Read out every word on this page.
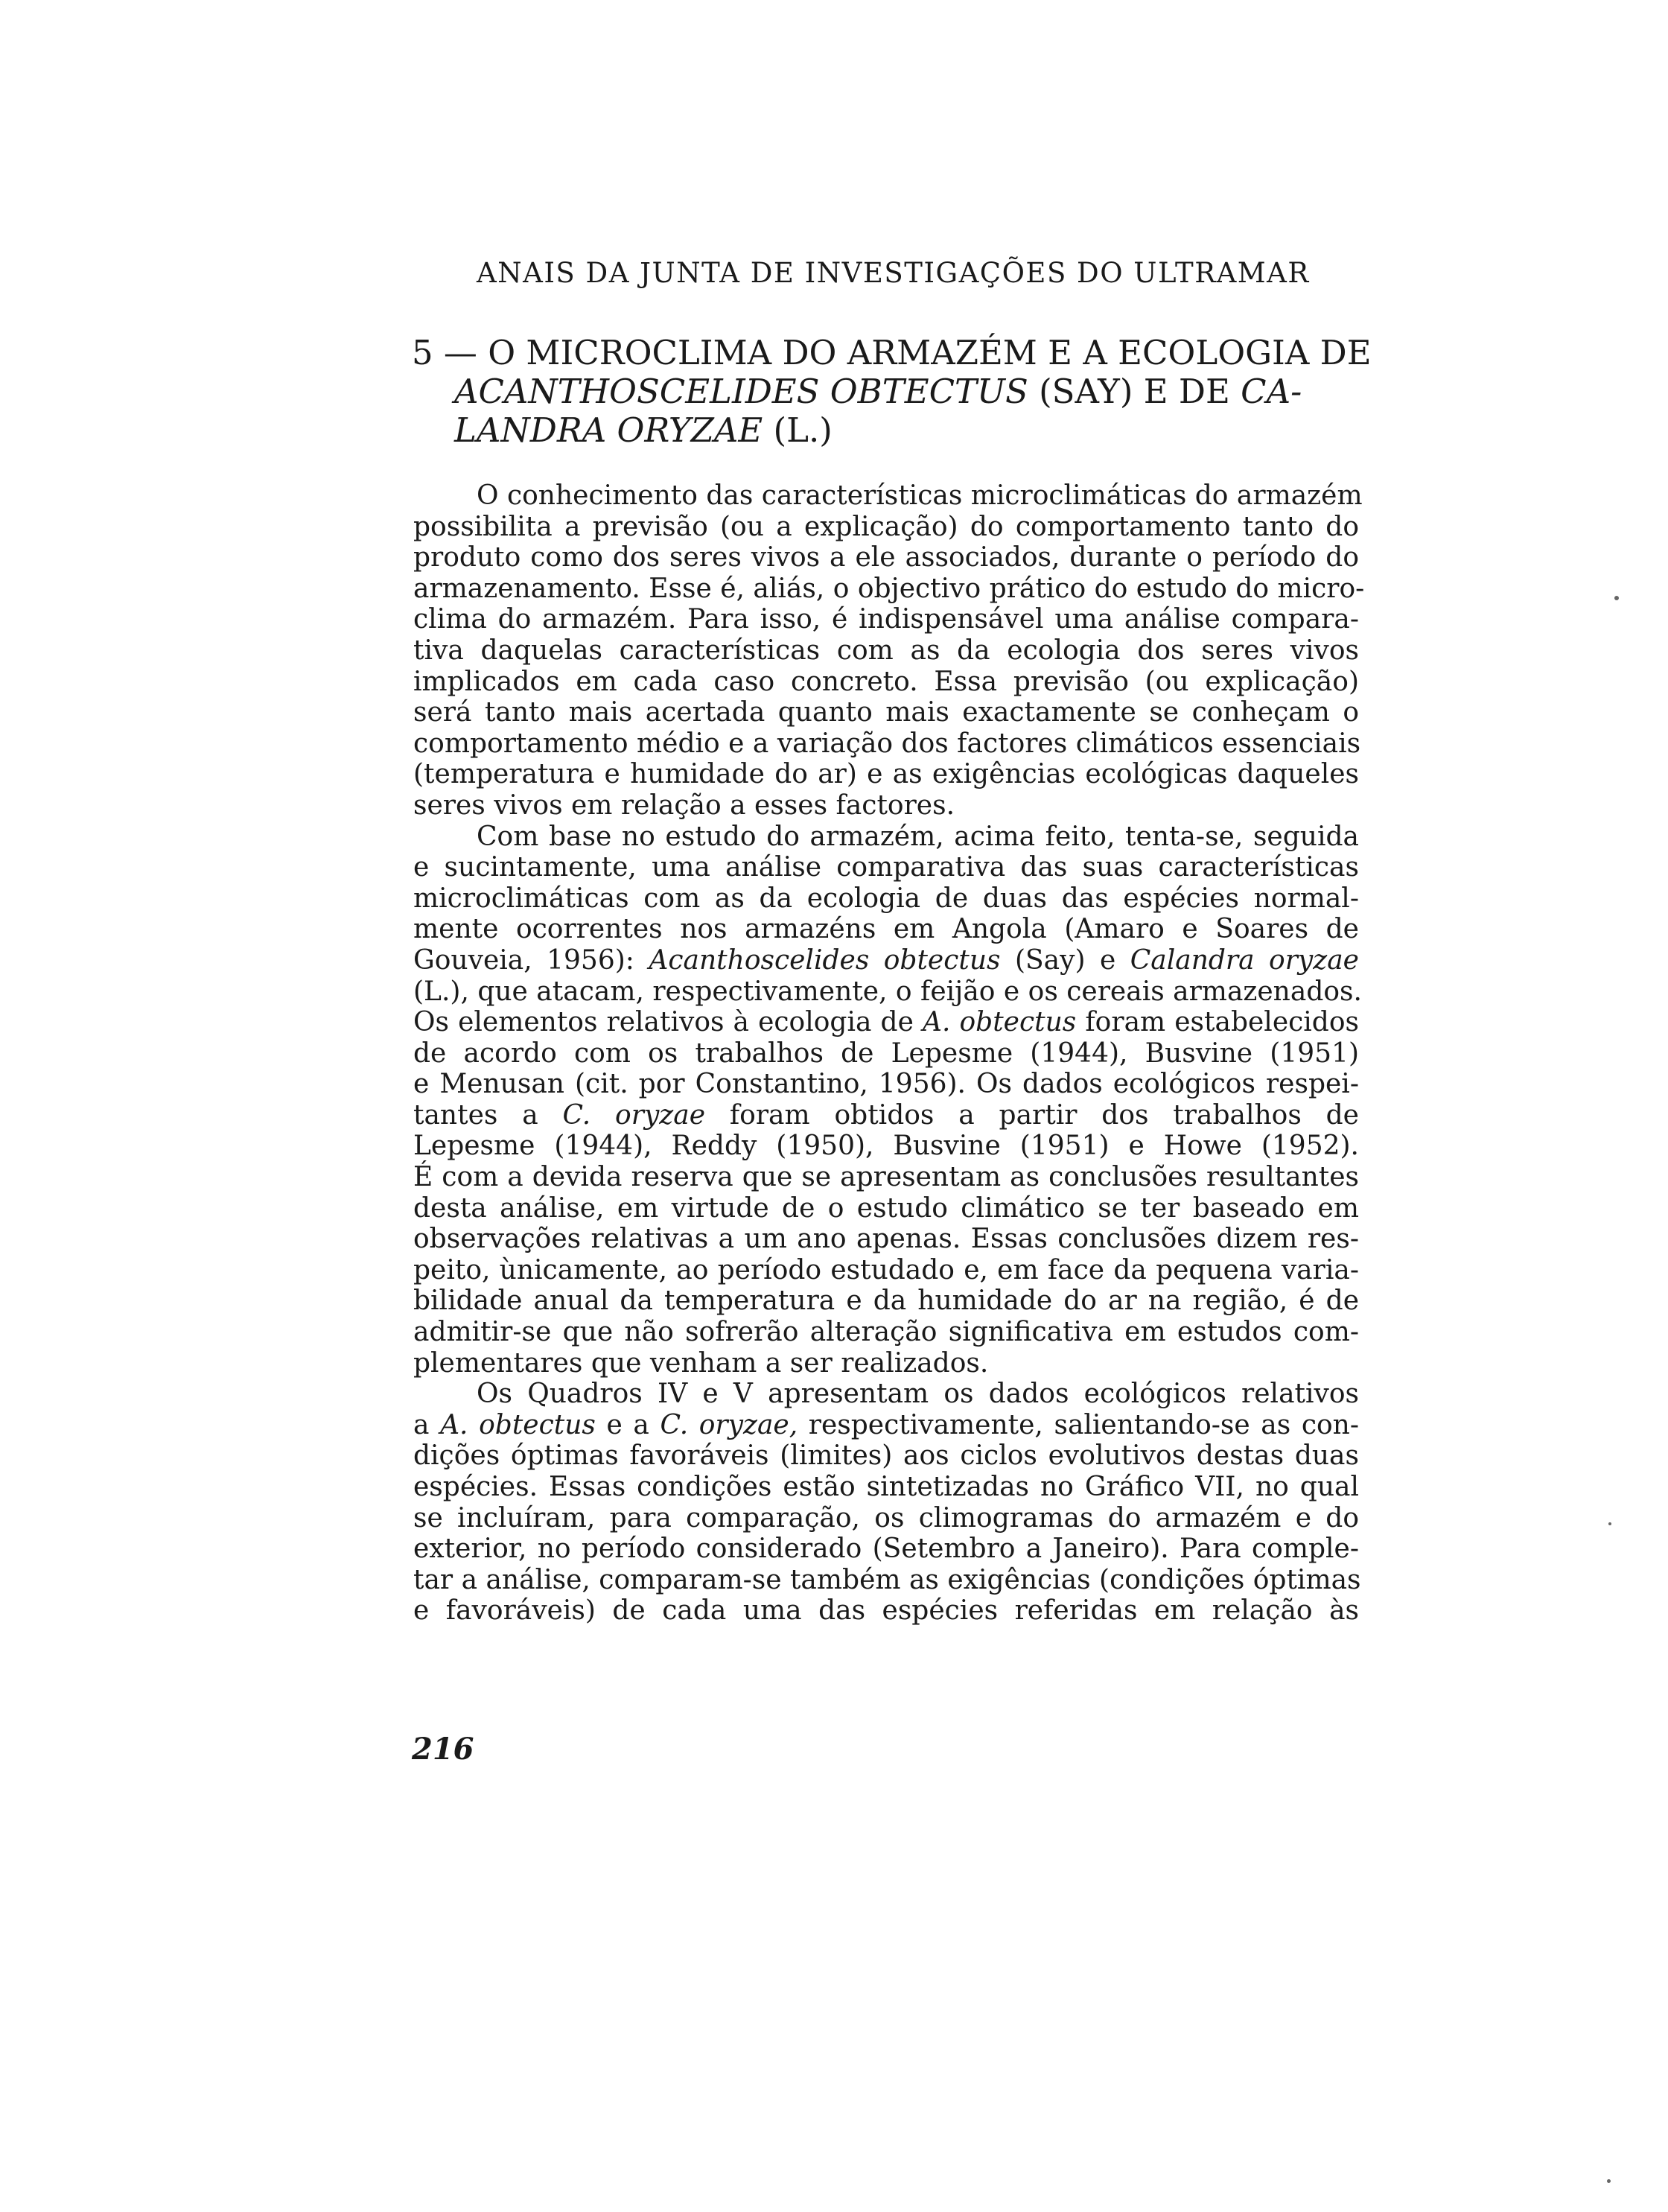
ANAIS DA JUNTA DE INVESTIGAÇÕES DO ULTRAMAR
5 — O MICROCLIMA DO ARMAZÉM E A ECOLOGIA DE
ACANTHOSCELIDES OBTECTUS (SAY) E DE CA-
LANDRA ORYZAE (L.)
O conhecimento das características microclimáticas do armazém
possibilita a previsão (ou a explicação) do comportamento tanto do
produto como dos seres vivos a ele associados, durante o período do
armazenamento. Esse é, aliás, o objectivo prático do estudo do micro-
clima do armazém. Para isso, é indispensável uma análise compara-
tiva daquelas características com as da ecologia dos seres vivos
implicados em cada caso concreto. Essa previsão (ou explicação)
será tanto mais acertada quanto mais exactamente se conheçam o
comportamento médio e a variação dos factores climáticos essenciais
(temperatura e humidade do ar) e as exigências ecológicas daqueles
seres vivos em relação a esses factores.
Com base no estudo do armazém, acima feito, tenta-se, seguida
e sucintamente, uma análise comparativa das suas características
microclimáticas com as da ecologia de duas das espécies normal-
mente ocorrentes nos armazéns em Angola (Amaro e Soares de
Gouveia, 1956): Acanthoscelides obtectus (Say) e Calandra oryzae
(L.), que atacam, respectivamente, o feijão e os cereais armazenados.
Os elementos relativos à ecologia de A. obtectus foram estabelecidos
de acordo com os trabalhos de Lepesme (1944), Busvine (1951)
e Menusan (cit. por Constantino, 1956). Os dados ecológicos respei-
tantes a C. oryzae foram obtidos a partir dos trabalhos de
Lepesme (1944), Reddy (1950), Busvine (1951) e Howe (1952).
É com a devida reserva que se apresentam as conclusões resultantes
desta análise, em virtude de o estudo climático se ter baseado em
observações relativas a um ano apenas. Essas conclusões dizem res-
peito, ùnicamente, ao período estudado e, em face da pequena varia-
bilidade anual da temperatura e da humidade do ar na região, é de
admitir-se que não sofrerão alteração significativa em estudos com-
plementares que venham a ser realizados.
Os Quadros IV e V apresentam os dados ecológicos relativos
a A. obtectus e a C. oryzae, respectivamente, salientando-se as con-
dições óptimas favoráveis (limites) aos ciclos evolutivos destas duas
espécies. Essas condições estão sintetizadas no Gráfico VII, no qual
se incluíram, para comparação, os climogramas do armazém e do
exterior, no período considerado (Setembro a Janeiro). Para comple-
tar a análise, comparam-se também as exigências (condições óptimas
e favoráveis) de cada uma das espécies referidas em relação às
216
